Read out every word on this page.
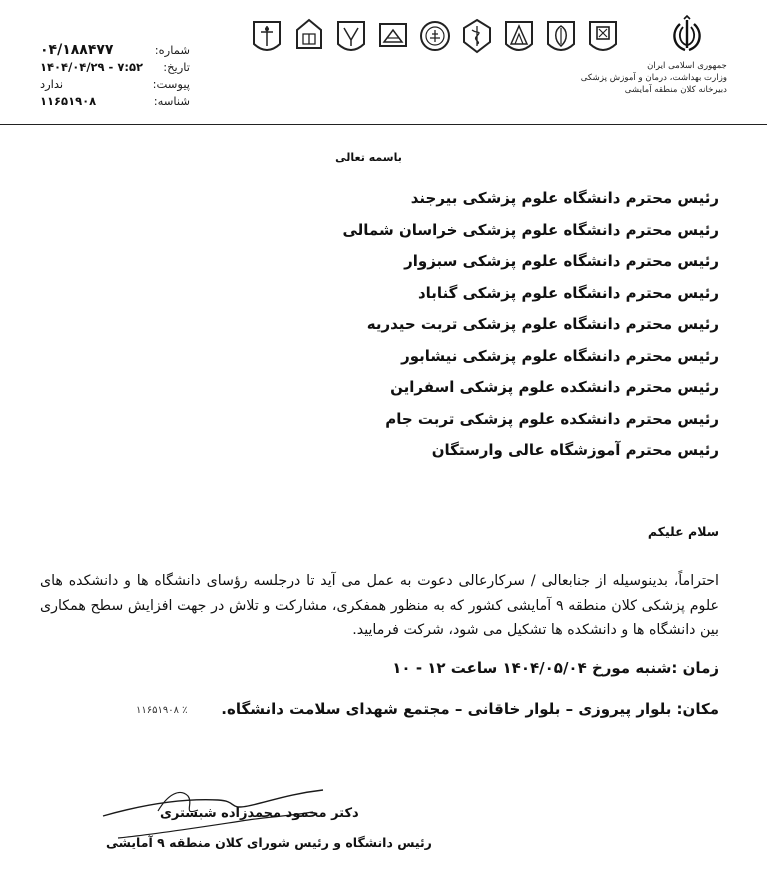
شماره:
۰۴/۱۸۸۴۷۷
تاریخ:
۱۴۰۴/۰۴/۲۹ - ۷:۵۲
پیوست:
ندارد
شناسه:
۱۱۶۵۱۹۰۸
جمهوری اسلامی ایران
وزارت بهداشت، درمان و آموزش پزشکی
دبیرخانه کلان منطقه آمایشی
باسمه تعالی
رئیس محترم دانشگاه علوم پزشکی بیرجند
رئیس محترم دانشگاه علوم پزشکی خراسان شمالی
رئیس محترم دانشگاه علوم پزشکی سبزوار
رئیس محترم دانشگاه علوم پزشکی گناباد
رئیس محترم دانشگاه علوم پزشکی تربت حیدریه
رئیس محترم دانشگاه علوم پزشکی نیشابور
رئیس محترم دانشکده علوم پزشکی اسفراین
رئیس محترم دانشکده علوم پزشکی تربت جام
رئیس محترم آموزشگاه عالی وارستگان
سلام علیکم
احتراماً، بدینوسیله از جنابعالی / سرکارعالی دعوت به عمل می آید تا درجلسه رؤسای دانشگاه ها و دانشکده های علوم پزشکی کلان منطقه ۹ آمایشی کشور که به منظور همفکری، مشارکت و تلاش در جهت افزایش سطح همکاری بین دانشگاه ها و دانشکده ها تشکیل می شود، شرکت فرمایید.
زمان :شنبه مورخ ۱۴۰۴/۰۵/۰۴ ساعت ۱۲ - ۱۰
مکان: بلوار پیروزی – بلوار خاقانی – مجتمع شهدای سلامت دانشگاه.
٪ ۱۱۶۵۱۹۰۸
دکتر محمود محمدزاده شبستری
رئیس دانشگاه و رئیس شورای کلان منطقه ۹ آمایشی
